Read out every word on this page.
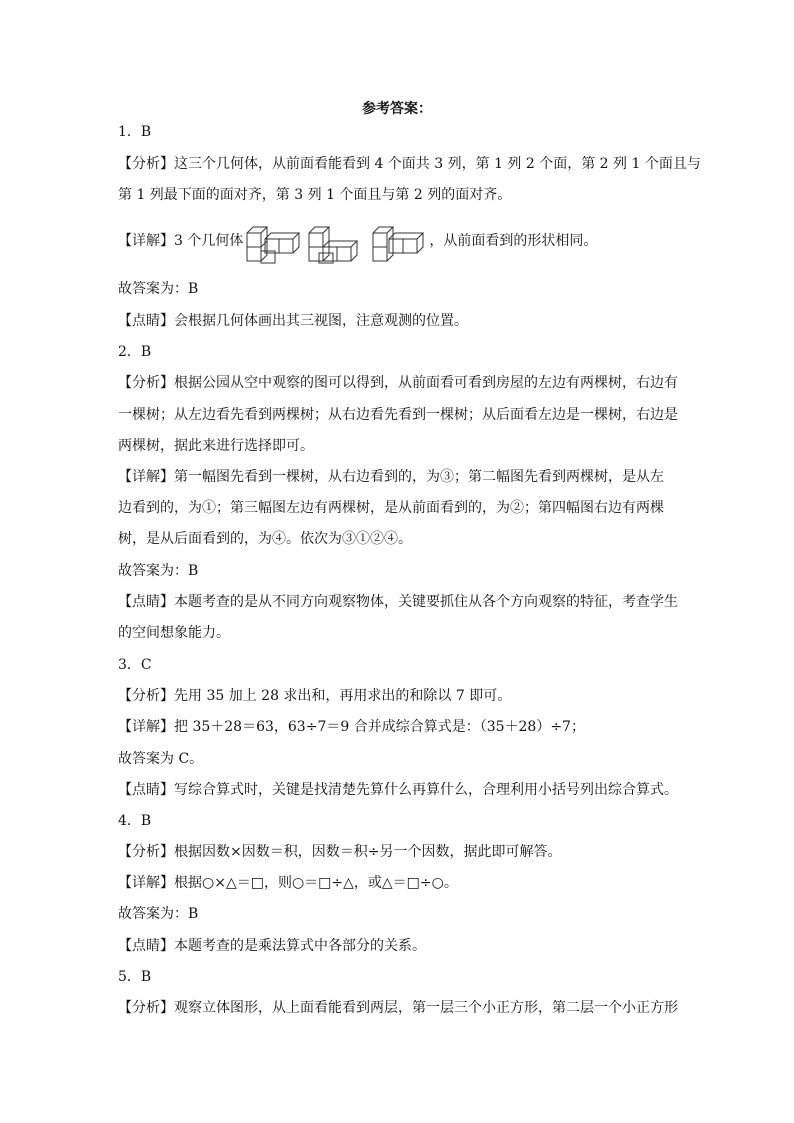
参考答案：
1．B
【分析】这三个几何体，从前面看能看到 4 个面共 3 列，第 1 列 2 个面，第 2 列 1 个面且与
第 1 列最下面的面对齐，第 3 列 1 个面且与第 2 列的面对齐。
【详解】3 个几何体	，从前面看到的形状相同。
故答案为：B
【点睛】会根据几何体画出其三视图，注意观测的位置。
2．B
【分析】根据公园从空中观察的图可以得到，从前面看可看到房屋的左边有两棵树，右边有
一棵树；从左边看先看到两棵树；从右边看先看到一棵树；从后面看左边是一棵树，右边是
两棵树，据此来进行选择即可。
【详解】第一幅图先看到一棵树，从右边看到的，为③；第二幅图先看到两棵树，是从左
边看到的，为①；第三幅图左边有两棵树，是从前面看到的，为②；第四幅图右边有两棵
树，是从后面看到的，为④。依次为③①②④。
故答案为：B
【点睛】本题考查的是从不同方向观察物体，关键要抓住从各个方向观察的特征，考查学生
的空间想象能力。
3．C
【分析】先用 35 加上 28 求出和，再用求出的和除以 7 即可。
【详解】把 35＋28＝63，63÷7＝9 合并成综合算式是：（35＋28）÷7；
故答案为 C。
【点睛】写综合算式时，关键是找清楚先算什么再算什么，合理利用小括号列出综合算式。
4．B
【分析】根据因数×因数＝积，因数＝积÷另一个因数，据此即可解答。
【详解】根据○×△＝□，则○＝□÷△，或△＝□÷○。
故答案为：B
【点睛】本题考查的是乘法算式中各部分的关系。
5．B
【分析】观察立体图形，从上面看能看到两层，第一层三个小正方形，第二层一个小正方形
